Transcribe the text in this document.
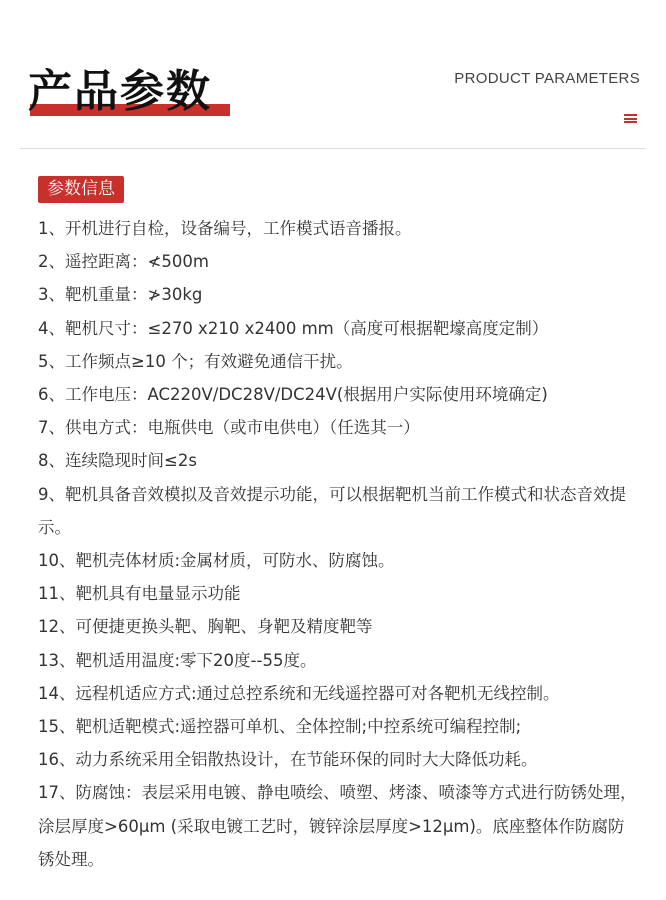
产品参数	PRODUCT PARAMETERS
参数信息
1、开机进行自检，设备编号，工作模式语音播报。
2、遥控距离：≮500m
3、靶机重量：≯30kg
4、靶机尺寸：≤270 x210 x2400 mm（高度可根据靶壕高度定制）
5、工作频点≥10 个；有效避免通信干扰。
6、工作电压：AC220V/DC28V/DC24V(根据用户实际使用环境确定)
7、供电方式：电瓶供电（或市电供电）（任选其一）
8、连续隐现时间≤2s
9、靶机具备音效模拟及音效提示功能，可以根据靶机当前工作模式和状态音效提示。
10、靶机壳体材质:金属材质，可防水、防腐蚀。
11、靶机具有电量显示功能
12、可便捷更换头靶、胸靶、身靶及精度靶等
13、靶机适用温度:零下20度--55度。
14、远程机适应方式:通过总控系统和无线遥控器可对各靶机无线控制。
15、靶机适靶模式:遥控器可单机、全体控制;中控系统可编程控制;
16、动力系统采用全铝散热设计，在节能环保的同时大大降低功耗。
17、防腐蚀：表层采用电镀、静电喷绘、喷塑、烤漆、喷漆等方式进行防锈处理，涂层厚度>60μm (采取电镀工艺时，镀锌涂层厚度>12μm)。底座整体作防腐防锈处理。
